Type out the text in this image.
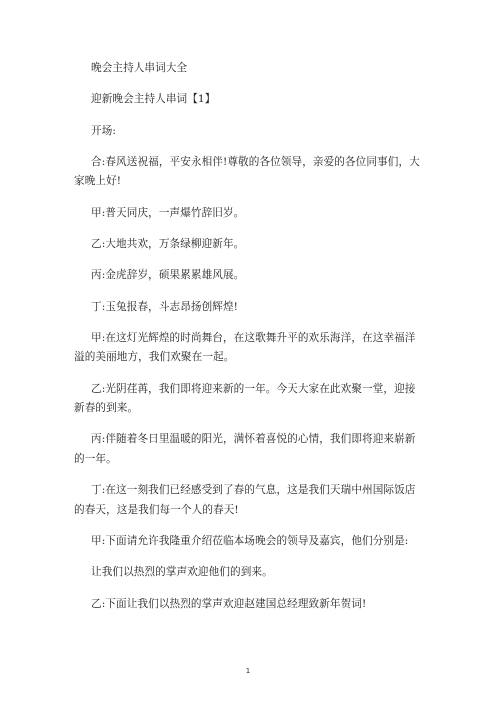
晚会主持人串词大全

迎新晚会主持人串词【1】

开场:

合:春风送祝福，平安永相伴!尊敬的各位领导，亲爱的各位同事们，大家晚上好!

甲:普天同庆，一声爆竹辞旧岁。

乙:大地共欢，万条绿柳迎新年。

丙:金虎辞岁，硕果累累雄风展。

丁:玉兔报春，斗志昂扬创辉煌!

甲:在这灯光辉煌的时尚舞台，在这歌舞升平的欢乐海洋，在这幸福洋溢的美丽地方，我们欢聚在一起。

乙:光阴荏苒，我们即将迎来新的一年。今天大家在此欢聚一堂，迎接新春的到来。

丙:伴随着冬日里温暖的阳光，满怀着喜悦的心情，我们即将迎来崭新的一年。

丁:在这一刻我们已经感受到了春的气息，这是我们天瑞中州国际饭店的春天，这是我们每一个人的春天!

甲:下面请允许我隆重介绍莅临本场晚会的领导及嘉宾，他们分别是:

让我们以热烈的掌声欢迎他们的到来。

乙:下面让我们以热烈的掌声欢迎赵建国总经理致新年贺词!

1
